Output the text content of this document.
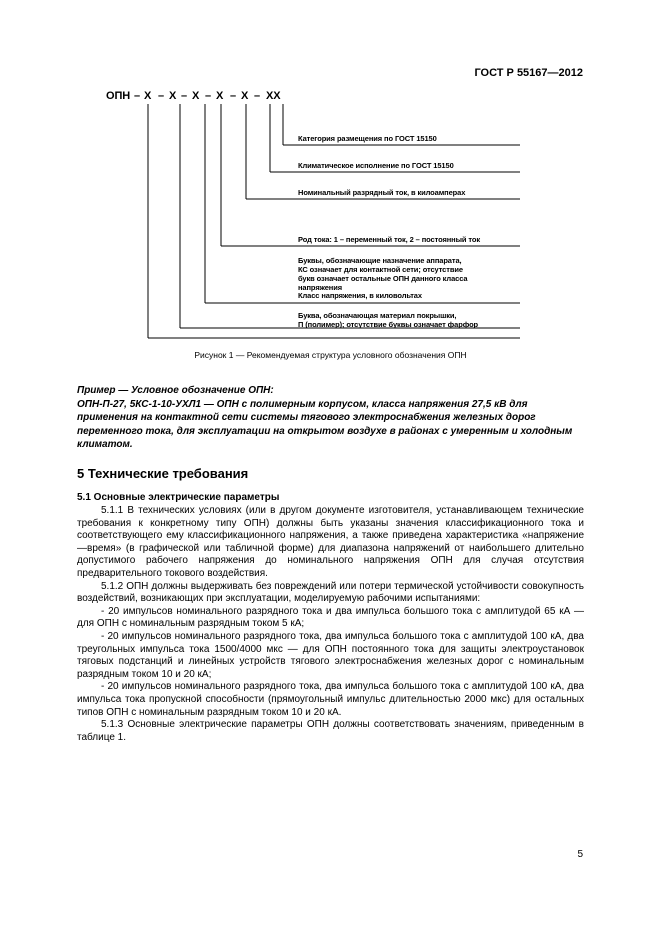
ГОСТ Р 55167—2012
ОПН – Х – Х – Х – Х – Х – ХХ
Категория размещения по ГОСТ 15150
Климатическое исполнение по ГОСТ 15150
Номинальный разрядный ток, в килоамперах
Род тока: 1 – переменный ток, 2 – постоянный ток
Буквы, обозначающие назначение аппарата,
КС означает для контактной сети; отсутствие
букв означает остальные ОПН данного класса
напряжения
Класс напряжения, в киловольтах
Буква, обозначающая материал покрышки,
П (полимер); отсутствие буквы означает фарфор
Рисунок 1 — Рекомендуемая структура условного обозначения ОПН

Пример — Условное обозначение ОПН:

ОПН-П-27, 5КС-1-10-УХЛ1 — ОПН с полимерным корпусом, класса напряжения 27,5 кВ для применения на контактной сети системы тягового электроснабжения железных дорог переменного тока, для эксплуатации на открытом воздухе в районах с умеренным и холодным климатом.

5 Технические требования
5.1 Основные электрические параметры

5.1.1 В технических условиях (или в другом документе изготовителя, устанавливающем технические требования к конкретному типу ОПН) должны быть указаны значения классификационного тока и соответствующего ему классификационного напряжения, а также приведена характеристика «напряжение—время» (в графической или табличной форме) для диапазона напряжений от наибольшего длительно допустимого рабочего напряжения до номинального напряжения ОПН для случая отсутствия предварительного токового воздействия.

5.1.2 ОПН должны выдерживать без повреждений или потери термической устойчивости совокупность воздействий, возникающих при эксплуатации, моделируемую рабочими испытаниями:

- 20 импульсов номинального разрядного тока и два импульса большого тока с амплитудой 65 кА — для ОПН с номинальным разрядным током 5 кА;

- 20 импульсов номинального разрядного тока, два импульса большого тока с амплитудой 100 кА, два треугольных импульса тока 1500/4000 мкс — для ОПН постоянного тока для защиты электроустановок тяговых подстанций и линейных устройств тягового электроснабжения железных дорог с номинальным разрядным током 10 и 20 кА;

- 20 импульсов номинального разрядного тока, два импульса большого тока с амплитудой 100 кА, два импульса тока пропускной способности (прямоугольный импульс длительностью 2000 мкс) для остальных типов ОПН с номинальным разрядным током 10 и 20 кА.

5.1.3 Основные электрические параметры ОПН должны соответствовать значениям, приведенным в таблице 1.

5
